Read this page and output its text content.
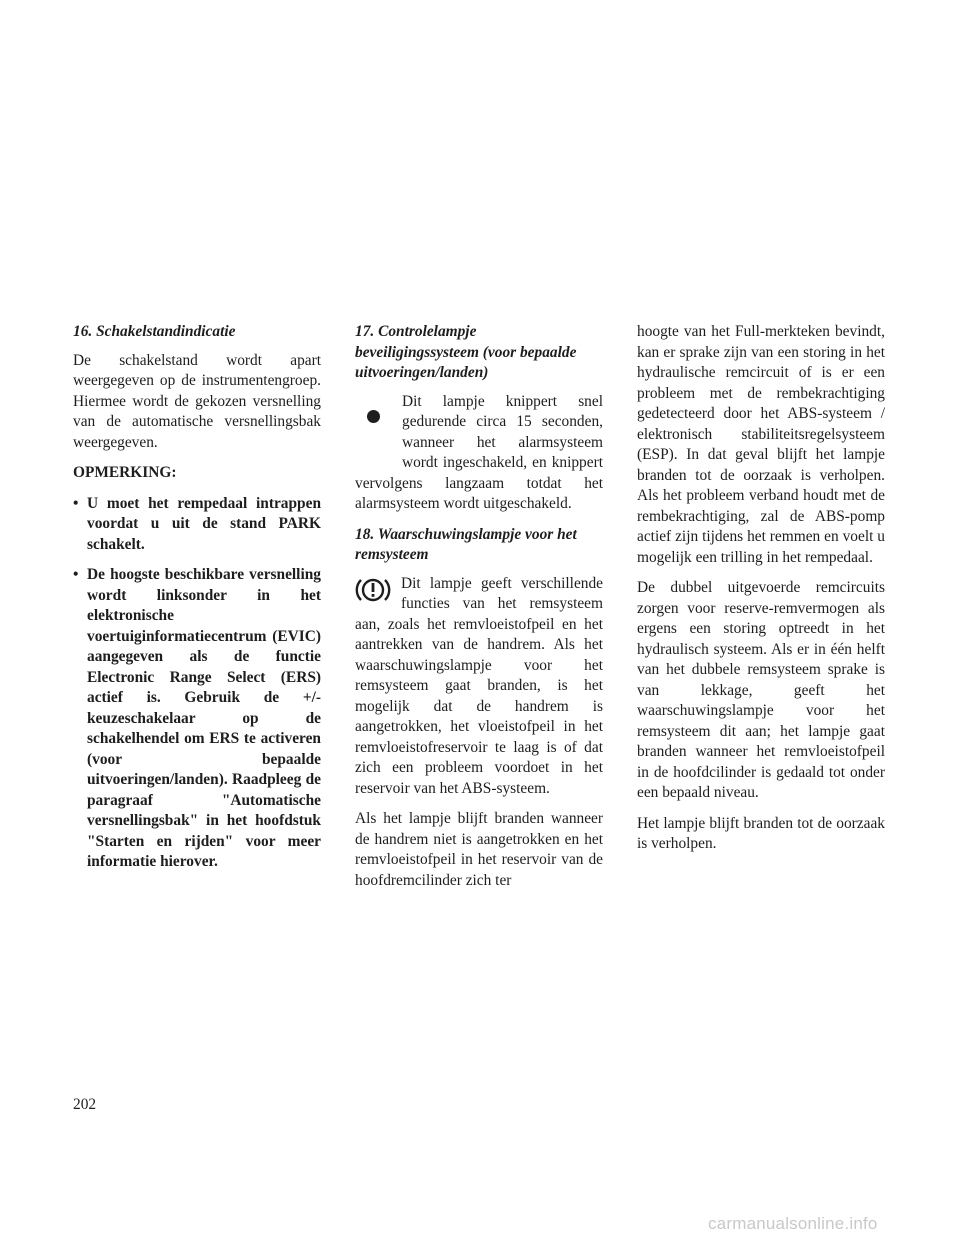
16. Schakelstandindicatie

De schakelstand wordt apart weergegeven op de instrumentengroep. Hiermee wordt de gekozen versnelling van de automatische versnellingsbak weergegeven.

OPMERKING:

• U moet het rempedaal intrappen voordat u uit de stand PARK schakelt.
• De hoogste beschikbare versnelling wordt linksonder in het elektronische voertuiginformatiecentrum (EVIC) aangegeven als de functie Electronic Range Select (ERS) actief is. Gebruik de +/- keuzeschakelaar op de schakelhendel om ERS te activeren (voor bepaalde uitvoeringen/landen). Raadpleeg de paragraaf "Automatische versnellingsbak" in het hoofdstuk "Starten en rijden" voor meer informatie hierover.

17. Controlelampje beveiligingssysteem (voor bepaalde uitvoeringen/landen)

Dit lampje knippert snel gedurende circa 15 seconden, wanneer het alarmsysteem wordt ingeschakeld, en knippert vervolgens langzaam totdat het alarmsysteem wordt uitgeschakeld.

18. Waarschuwingslampje voor het remsysteem

Dit lampje geeft verschillende functies van het remsysteem aan, zoals het remvloeistofpeil en het aantrekken van de handrem. Als het waarschuwingslampje voor het remsysteem gaat branden, is het mogelijk dat de handrem is aangetrokken, het vloeistofpeil in het remvloeistofreservoir te laag is of dat zich een probleem voordoet in het reservoir van het ABS-systeem.

Als het lampje blijft branden wanneer de handrem niet is aangetrokken en het remvloeistofpeil in het reservoir van de hoofdremcilinder zich ter

hoogte van het Full-merkteken bevindt, kan er sprake zijn van een storing in het hydraulische remcircuit of is er een probleem met de rembekrachtiging gedetecteerd door het ABS-systeem / elektronisch stabiliteitsregelsysteem (ESP). In dat geval blijft het lampje branden tot de oorzaak is verholpen. Als het probleem verband houdt met de rembekrachtiging, zal de ABS-pomp actief zijn tijdens het remmen en voelt u mogelijk een trilling in het rempedaal.

De dubbel uitgevoerde remcircuits zorgen voor reserve-remvermogen als ergens een storing optreedt in het hydraulisch systeem. Als er in één helft van het dubbele remsysteem sprake is van lekkage, geeft het waarschuwingslampje voor het remsysteem dit aan; het lampje gaat branden wanneer het remvloeistofpeil in de hoofdcilinder is gedaald tot onder een bepaald niveau.

Het lampje blijft branden tot de oorzaak is verholpen.

202
carmanualsonline.info
